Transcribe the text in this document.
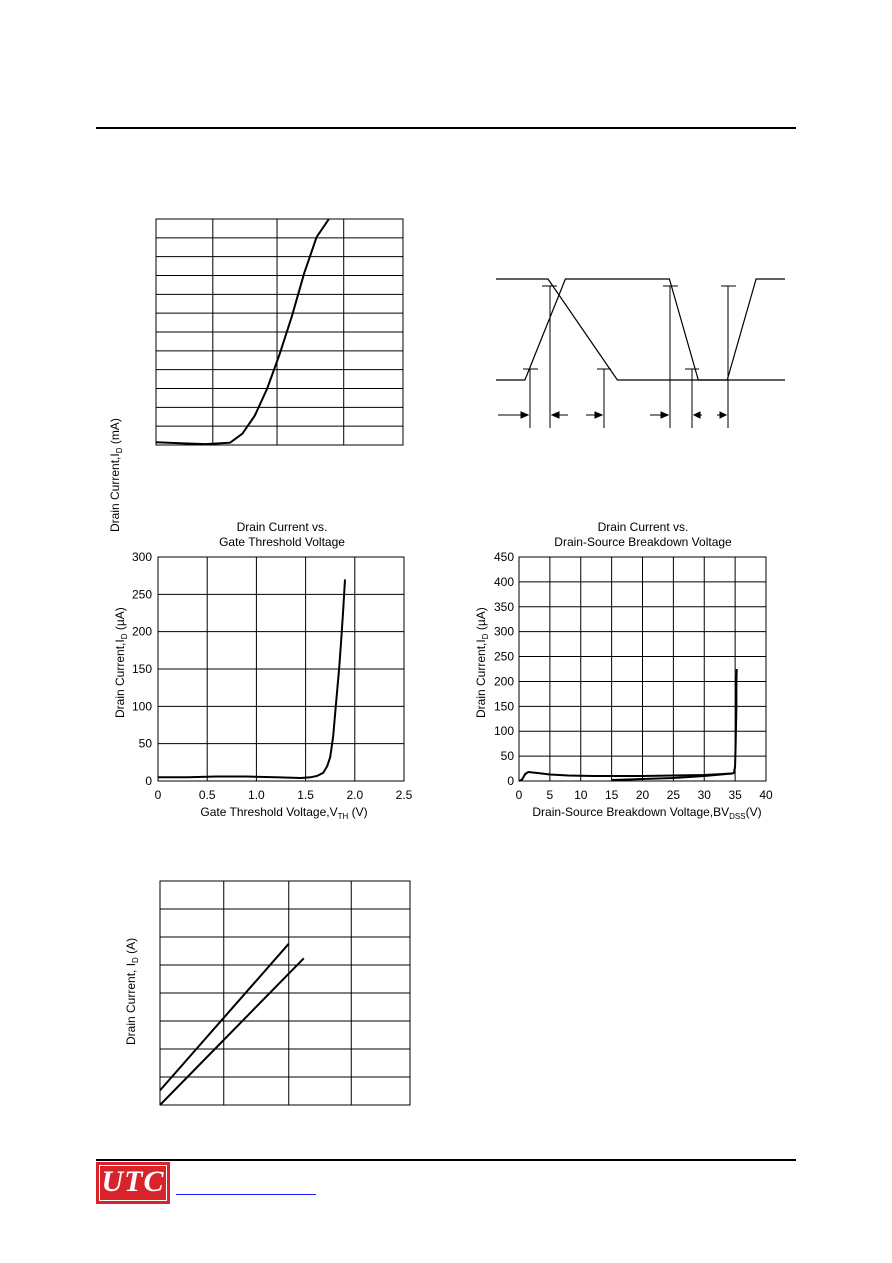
Drain $Current,I_D$ (mA)
Drain Current vs.
Gate Threshold Voltage
0	0.5	1.0	1.5	2.0	2.5
0
50
100
150
200
250
300
Gate Threshold $Voltage,V_{TH}$ (V)
Drain $Current,I_D$ (µA)
Drain Current vs.
Drain-Source Breakdown Voltage
0 5 10 15 20 25 30 35 40
0
50
100
150
200
250
300
350
400
450
Drain-Source Breakdown $Voltage,BV_{DSS}(V)$
Drain $Current,I_D$ (µA)
Drain Current, $I_D$ (A)
UTC
